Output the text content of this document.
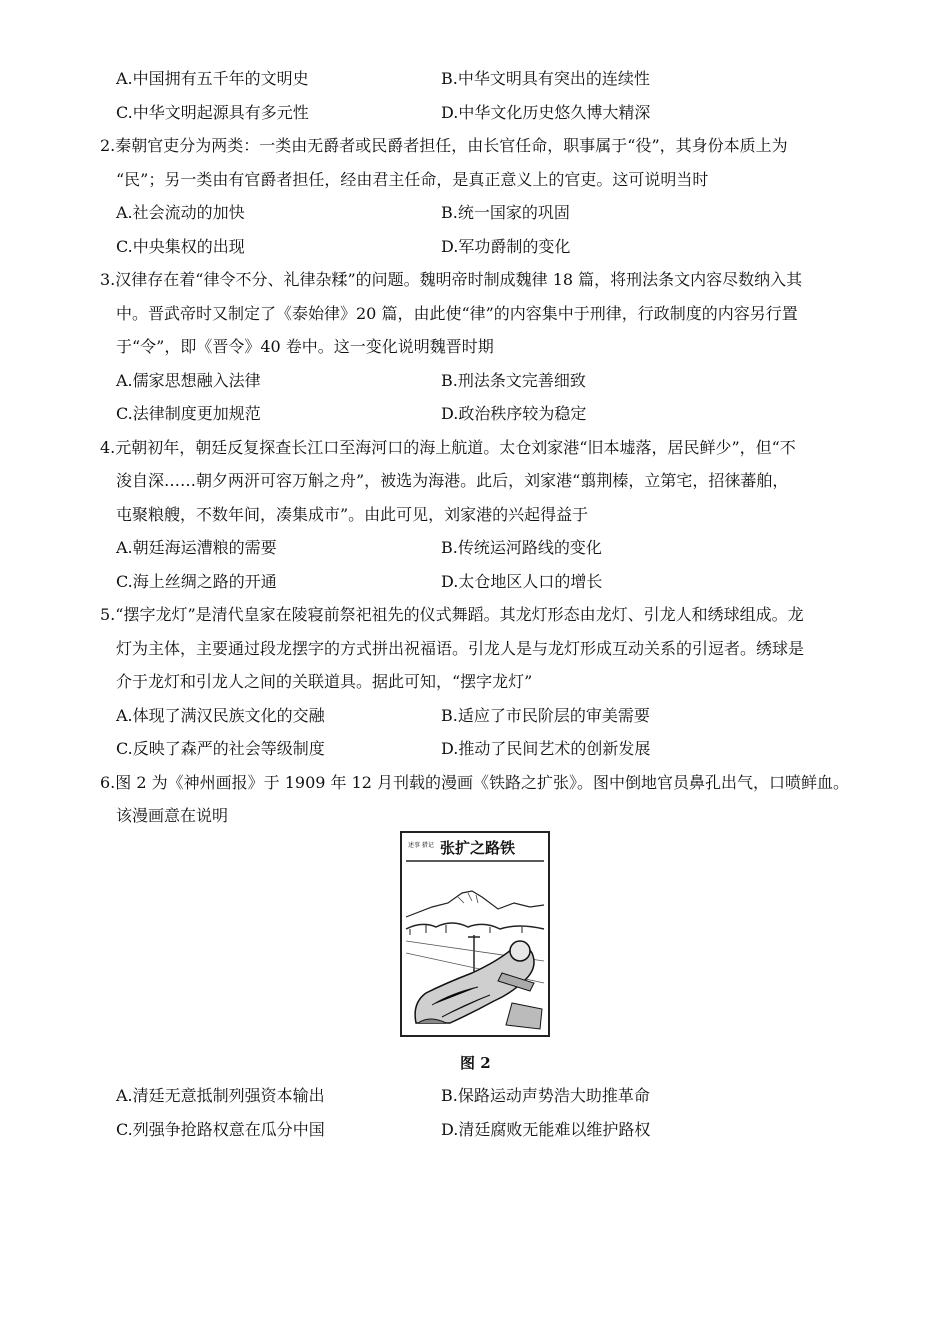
A.中国拥有五千年的文明史	B.中华文明具有突出的连续性
C.中华文明起源具有多元性	D.中华文化历史悠久博大精深
2.秦朝官吏分为两类：一类由无爵者或民爵者担任，由长官任命，职事属于“役”，其身份本质上为
“民”；另一类由有官爵者担任，经由君主任命，是真正意义上的官吏。这可说明当时
A.社会流动的加快	B.统一国家的巩固
C.中央集权的出现	D.军功爵制的变化
3.汉律存在着“律令不分、礼律杂糅”的问题。魏明帝时制成魏律 18 篇，将刑法条文内容尽数纳入其
中。晋武帝时又制定了《泰始律》20 篇，由此使“律”的内容集中于刑律，行政制度的内容另行置
于“令”，即《晋令》40 卷中。这一变化说明魏晋时期
A.儒家思想融入法律	B.刑法条文完善细致
C.法律制度更加规范	D.政治秩序较为稳定
4.元朝初年，朝廷反复探查长江口至海河口的海上航道。太仓刘家港“旧本墟落，居民鲜少”，但“不
浚自深……朝夕两汧可容万斛之舟”，被选为海港。此后，刘家港“翦荆榛，立第宅，招徕蕃舶，
屯聚粮艘，不数年间，凑集成市”。由此可见，刘家港的兴起得益于
A.朝廷海运漕粮的需要	B.传统运河路线的变化
C.海上丝绸之路的开通	D.太仓地区人口的增长
5.“摆字龙灯”是清代皇家在陵寝前祭祀祖先的仪式舞蹈。其龙灯形态由龙灯、引龙人和绣球组成。龙
灯为主体，主要通过段龙摆字的方式拼出祝福语。引龙人是与龙灯形成互动关系的引逗者。绣球是
介于龙灯和引龙人之间的关联道具。据此可知，“摆字龙灯”
A.体现了满汉民族文化的交融	B.适应了市民阶层的审美需要
C.反映了森严的社会等级制度	D.推动了民间艺术的创新发展
6.图 2 为《神州画报》于 1909 年 12 月刊载的漫画《铁路之扩张》。图中倒地官员鼻孔出气，口喷鲜血。
该漫画意在说明
张扩之路铁
述事 猎记
图 2
A.清廷无意抵制列强资本输出	B.保路运动声势浩大助推革命
C.列强争抢路权意在瓜分中国	D.清廷腐败无能难以维护路权
